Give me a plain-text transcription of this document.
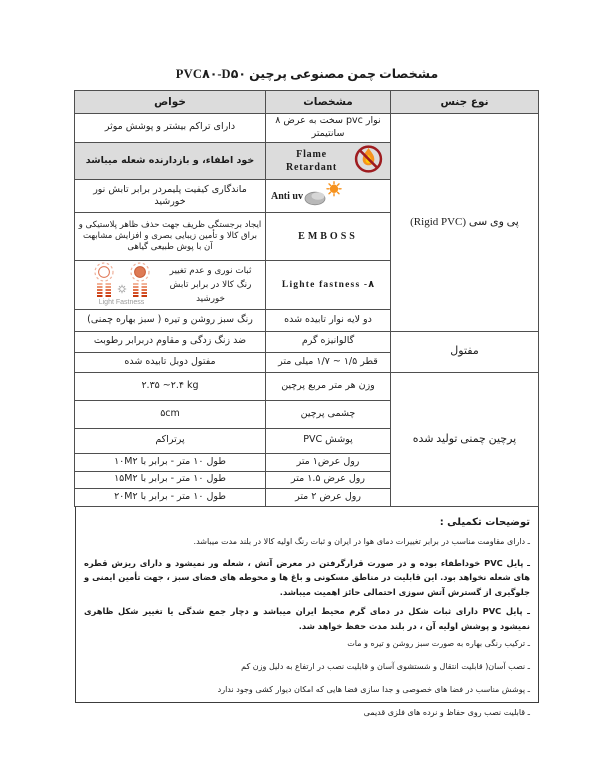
مشخصات چمن مصنوعی پرچین PVC۸۰-D۵۰
نوع جنس	مشخصات	خواص
پی وی سی (Rigid PVC)	نوار pvc سخت به عرض ۸ سانتیمتر	دارای تراکم بیشتر و پوشش موثر

	Flame Retardant	خود اطفاء، و بازدارنده شعله میباشد

	Anti uv	ماندگاری کیفیت پلیمردر برابر تابش نور خورشید
	EMBOSS	ایجاد برجستگی ظریف جهت حذف ظاهر پلاستیکی و براق کالا و تأمین زیبایی بصری و افزایش مشابهت آن با پوش طبیعی گیاهی
	Lighte fastness -۸	ثبات نوری و عدم تغییر رنگ کالا در برابر تابش خورشید
Light Fastness

	دو لایه نوار تابیده شده	رنگ سبز روشن و تیره ( سبز بهاره چمنی)
مفتول	گالوانیزه گرم	ضد زنگ زدگی و مقاوم دربرابر رطوبت
	قطر ۱/۵ ~ ۱/۷ میلی متر	مفتول دوبل تابیده شده
پرچین چمنی تولید شده	وزن هر متر مربع پرچین	۲.۳۵ ~۲.۴ kg
	چشمی پرچین	۵cm
	پوشش PVC	پرتراکم
	رول عرض۱ متر	طول ۱۰ متر - برابر با ۱۰M۲
	رول عرض ۱.۵ متر	طول ۱۰ متر - برابر با ۱۵M۲
	رول عرض ۲ متر	طول ۱۰ متر - برابر با ۲۰M۲
توضیحات تکمیلی :
ـ دارای مقاومت مناسب در برابر تغییرات دمای هوا در ایران و ثبات رنگ اولیه کالا در بلند مدت میباشد.
ـ پایل PVC خوداطفاء بوده و در صورت قرارگرفتن در معرض آتش ، شعله ور نمیشود و دارای ریزش قطره های شعله نخواهد بود. این قابلیت در مناطق مسکونی و باغ ها و محوطه های فضای سبز ، جهت تأمین ایمنی و جلوگیری از گسترش آتش سوزی احتمالی حائز اهمیت میباشد.
ـ پایل PVC دارای ثبات شکل در دمای گرم محیط ایران میباشد و دچار جمع شدگی یا تغییر شکل ظاهری نمیشود و پوشش اولیه آن ، در بلند مدت حفظ خواهد شد.
ـ ترکیب رنگی بهاره به صورت سبز روشن و تیره و مات
ـ نصب آسان( قابلیت انتقال و شستشوی آسان و قابلیت نصب در ارتفاع به دلیل وزن کم
ـ پوشش مناسب در فضا های خصوصی و جدا سازی فضا هایی که امکان دیوار کشی وجود ندارد
ـ قابلیت نصب روی حفاظ و نرده های فلزی قدیمی
